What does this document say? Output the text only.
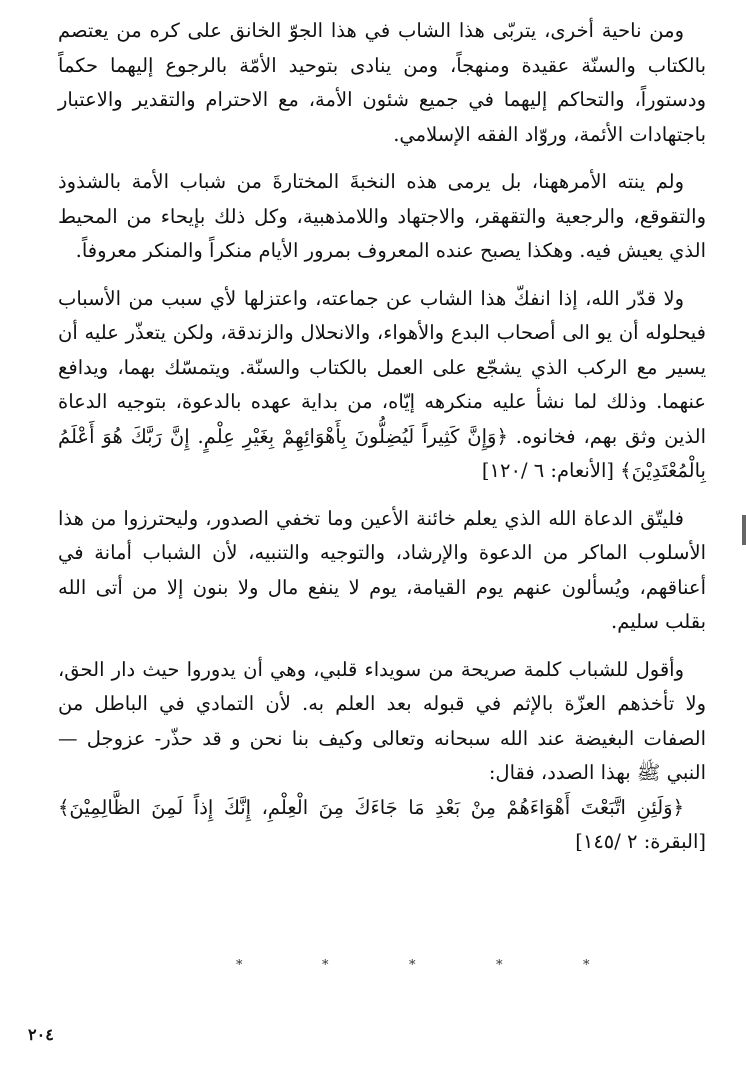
ومن ناحية أخرى، يتربّى هذا الشاب في هذا الجوّ الخانق على كره من يعتصم بالكتاب والسنّة عقيدة ومنهجاً، ومن ينادى بتوحيد الأمّة بالرجوع إليهما حكماً ودستوراً، والتحاكم إليهما في جميع شئون الأمة، مع الاحترام والتقدير والاعتبار باجتهادات الأئمة، وروّاد الفقه الإسلامي.

ولم ينته الأمرههنا، بل يرمى هذه النخبةَ المختارةَ من شباب الأمة بالشذوذ والتقوقع، والرجعية والتقهقر، والاجتهاد واللامذهبية، وكل ذلك بإيحاء من المحيط الذي يعيش فيه. وهكذا يصبح عنده المعروف بمرور الأيام منكراً والمنكر معروفاً.

ولا قدّر الله، إذا انفكّ هذا الشاب عن جماعته، واعتزلها لأي سبب من الأسباب فيحلوله أن يو الى أصحاب البدع والأهواء، والانحلال والزندقة، ولكن يتعذّر عليه أن يسير مع الركب الذي يشجّع على العمل بالكتاب والسنّة. ويتمسّك بهما، ويدافع عنهما. وذلك لما نشأ عليه منكرهه إيّاه، من بداية عهده بالدعوة، بتوجيه الدعاة الذين وثق بهم، فخانوه. ﴿وَإِنَّ كَثِيراً لَيُضِلُّونَ بِأَهْوَائِهِمْ بِغَيْرِ عِلْمٍ. إِنَّ رَبَّكَ هُوَ أَعْلَمُ بِالْمُعْتَدِيْنَ﴾ [الأنعام: ٦ /١٢٠]

فليتّق الدعاة الله الذي يعلم خائنة الأعين وما تخفي الصدور، وليحترزوا من هذا الأسلوب الماكر من الدعوة والإرشاد، والتوجيه والتنبيه، لأن الشباب أمانة في أعناقهم، ويُسألون عنهم يوم القيامة، يوم لا ينفع مال ولا بنون إلا من أتى الله بقلب سليم.

وأقول للشباب كلمة صريحة من سويداء قلبي، وهي أن يدوروا حيث دار الحق، ولا تأخذهم العزّة بالإثم في قبوله بعد العلم به. لأن التمادي في الباطل من الصفات البغيضة عند الله سبحانه وتعالى وكيف بنا نحن و قد حذّر- عزوجل — النبي ﷺ بهذا الصدد، فقال:

﴿وَلَئِنِ اتَّبَعْتَ أَهْوَاءَهُمْ مِنْ بَعْدِ مَا جَاءَكَ مِنَ الْعِلْمِ، إِنَّكَ إِذاً لَمِنَ الظَّالِمِيْنَ﴾ [البقرة: ٢ /١٤٥]

*	*	*	*	*
٢٠٤
